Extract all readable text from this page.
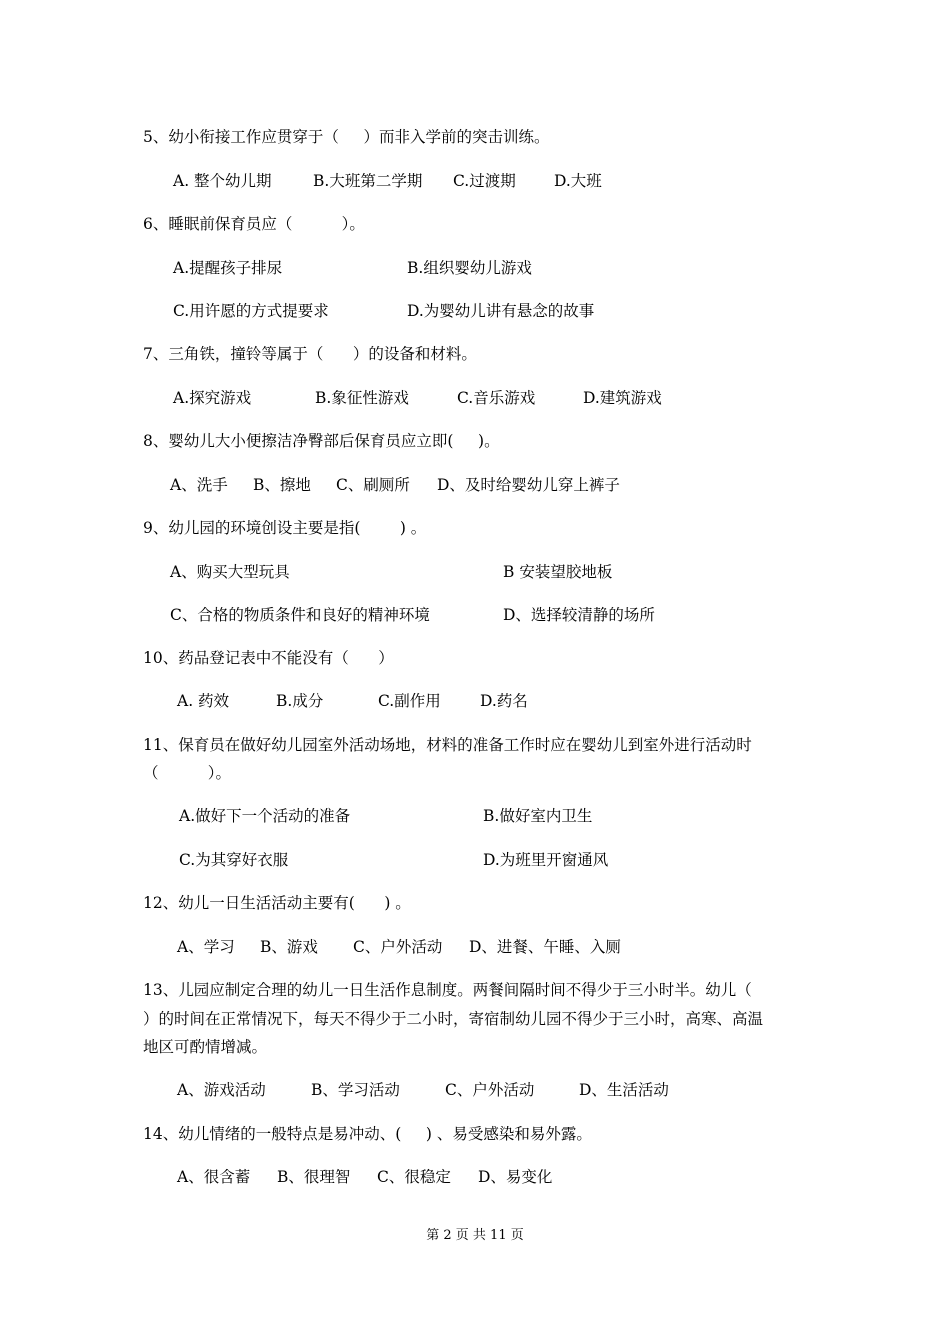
5、幼小衔接工作应贯穿于（     ）而非入学前的突击训练。
A. 整个幼儿期	B.大班第二学期 C.过渡期 D.大班
6、睡眠前保育员应（          ）。
A.提醒孩子排尿	B.组织婴幼儿游戏
C.用许愿的方式提要求	D.为婴幼儿讲有悬念的故事
7、三角铁，撞铃等属于（      ）的设备和材料。
A.探究游戏	B.象征性游戏	C.音乐游戏	D.建筑游戏
8、婴幼儿大小便擦洁净臀部后保育员应立即(     )。
A、洗手 B、擦地 C、刷厕所 D、及时给婴幼儿穿上裤子
9、幼儿园的环境创设主要是指(        ) 。
A、购买大型玩具	B 安装望胶地板
C、合格的物质条件和良好的精神环境	D、选择较清静的场所
10、药品登记表中不能没有（      ）
A. 药效	B.成分	C.副作用	D.药名
11、保育员在做好幼儿园室外活动场地，材料的准备工作时应在婴幼儿到室外进行活动时
（          ）。
A.做好下一个活动的准备	B.做好室内卫生
C.为其穿好衣服	D.为班里开窗通风
12、幼儿一日生活活动主要有(      ) 。
A、学习 B、游戏 C、户外活动 D、进餐、午睡、入厕
13、儿园应制定合理的幼儿一日生活作息制度。两餐间隔时间不得少于三小时半。幼儿（
）的时间在正常情况下，每天不得少于二小时，寄宿制幼儿园不得少于三小时，高寒、高温
地区可酌情增减。
A、游戏活动	B、学习活动	C、户外活动	D、生活活动
14、幼儿情绪的一般特点是易冲动、(     ) 、易受感染和易外露。
A、很含蓄 B、很理智 C、很稳定 D、易变化
第 2 页 共 11 页
